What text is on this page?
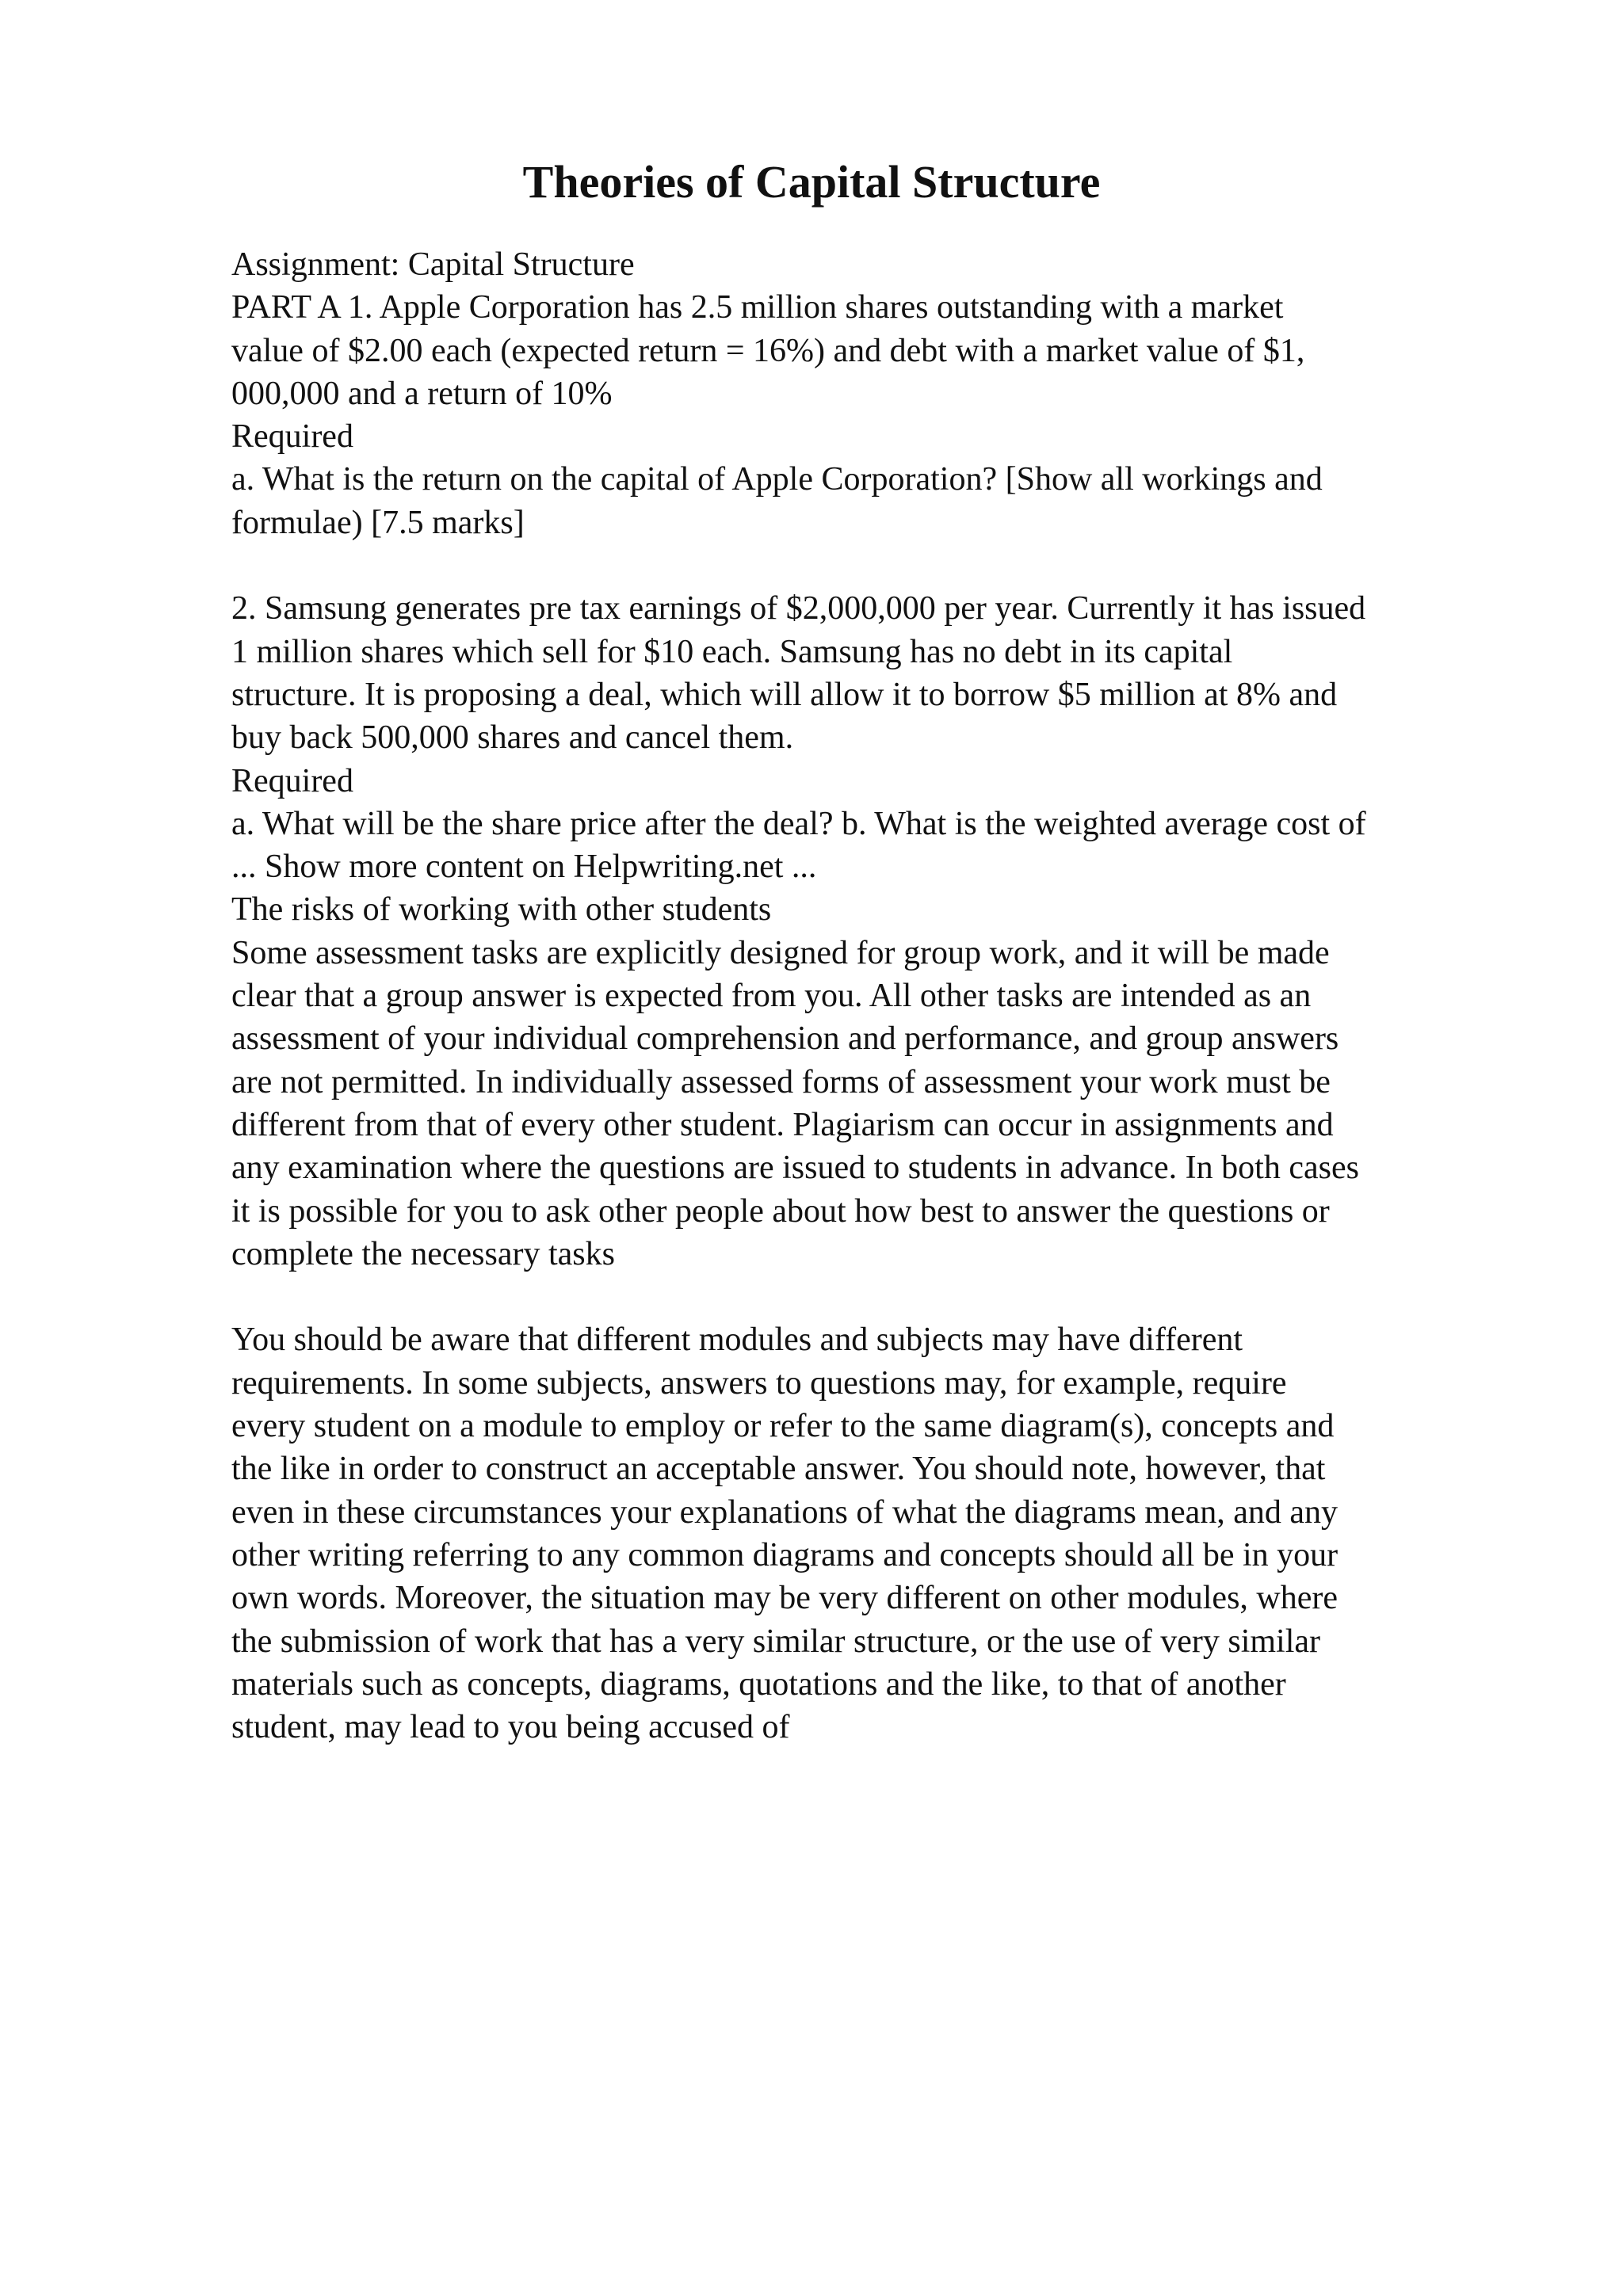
Theories of Capital Structure
Assignment: Capital Structure
PART A 1. Apple Corporation has 2.5 million shares outstanding with a market
value of $2.00 each (expected return = 16%) and debt with a market value of $1,
000,000 and a return of 10%
Required
a. What is the return on the capital of Apple Corporation? [Show all workings and
formulae) [7.5 marks]
2. Samsung generates pre tax earnings of $2,000,000 per year. Currently it has issued
1 million shares which sell for $10 each. Samsung has no debt in its capital
structure. It is proposing a deal, which will allow it to borrow $5 million at 8% and
buy back 500,000 shares and cancel them.
Required
a. What will be the share price after the deal? b. What is the weighted average cost of
... Show more content on Helpwriting.net ...
The risks of working with other students
Some assessment tasks are explicitly designed for group work, and it will be made
clear that a group answer is expected from you. All other tasks are intended as an
assessment of your individual comprehension and performance, and group answers
are not permitted. In individually assessed forms of assessment your work must be
different from that of every other student. Plagiarism can occur in assignments and
any examination where the questions are issued to students in advance. In both cases
it is possible for you to ask other people about how best to answer the questions or
complete the necessary tasks
You should be aware that different modules and subjects may have different
requirements. In some subjects, answers to questions may, for example, require
every student on a module to employ or refer to the same diagram(s), concepts and
the like in order to construct an acceptable answer. You should note, however, that
even in these circumstances your explanations of what the diagrams mean, and any
other writing referring to any common diagrams and concepts should all be in your
own words. Moreover, the situation may be very different on other modules, where
the submission of work that has a very similar structure, or the use of very similar
materials such as concepts, diagrams, quotations and the like, to that of another
student, may lead to you being accused of
